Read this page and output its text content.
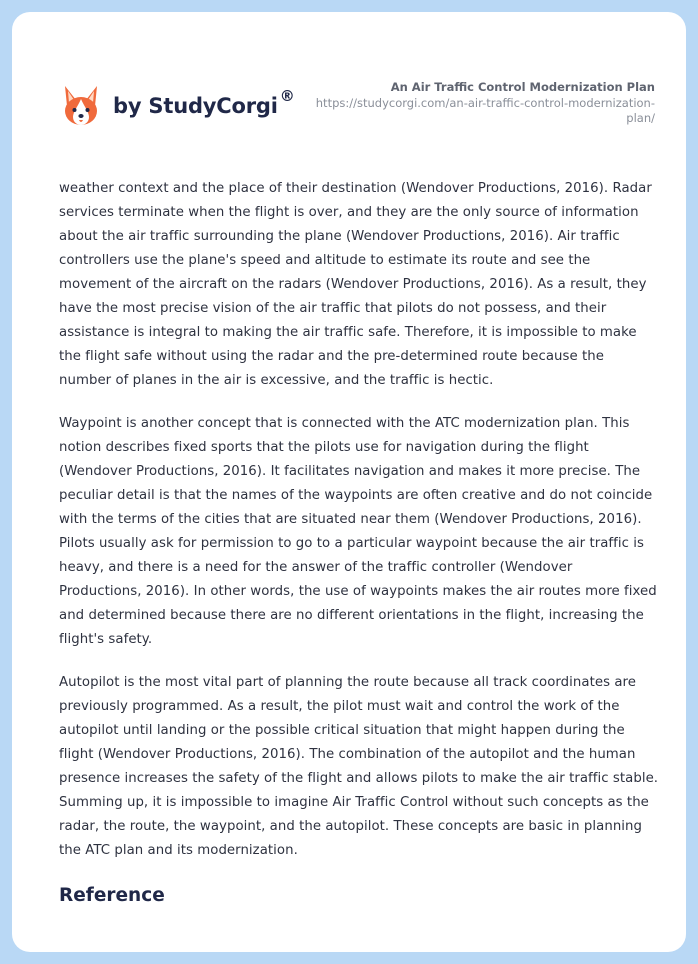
by StudyCorgi ®	An Air Traffic Control Modernization Plan
https://studycorgi.com/an-air-traffic-control-modernization-plan/

weather context and the place of their destination (Wendover Productions, 2016). Radar services terminate when the flight is over, and they are the only source of information about the air traffic surrounding the plane (Wendover Productions, 2016). Air traffic controllers use the plane's speed and altitude to estimate its route and see the movement of the aircraft on the radars (Wendover Productions, 2016). As a result, they have the most precise vision of the air traffic that pilots do not possess, and their assistance is integral to making the air traffic safe. Therefore, it is impossible to make the flight safe without using the radar and the pre-determined route because the number of planes in the air is excessive, and the traffic is hectic.

Waypoint is another concept that is connected with the ATC modernization plan. This notion describes fixed sports that the pilots use for navigation during the flight (Wendover Productions, 2016). It facilitates navigation and makes it more precise. The peculiar detail is that the names of the waypoints are often creative and do not coincide with the terms of the cities that are situated near them (Wendover Productions, 2016). Pilots usually ask for permission to go to a particular waypoint because the air traffic is heavy, and there is a need for the answer of the traffic controller (Wendover Productions, 2016). In other words, the use of waypoints makes the air routes more fixed and determined because there are no different orientations in the flight, increasing the flight's safety.

Autopilot is the most vital part of planning the route because all track coordinates are previously programmed. As a result, the pilot must wait and control the work of the autopilot until landing or the possible critical situation that might happen during the flight (Wendover Productions, 2016). The combination of the autopilot and the human presence increases the safety of the flight and allows pilots to make the air traffic stable. Summing up, it is impossible to imagine Air Traffic Control without such concepts as the radar, the route, the waypoint, and the autopilot. These concepts are basic in planning the ATC plan and its modernization.

Reference
